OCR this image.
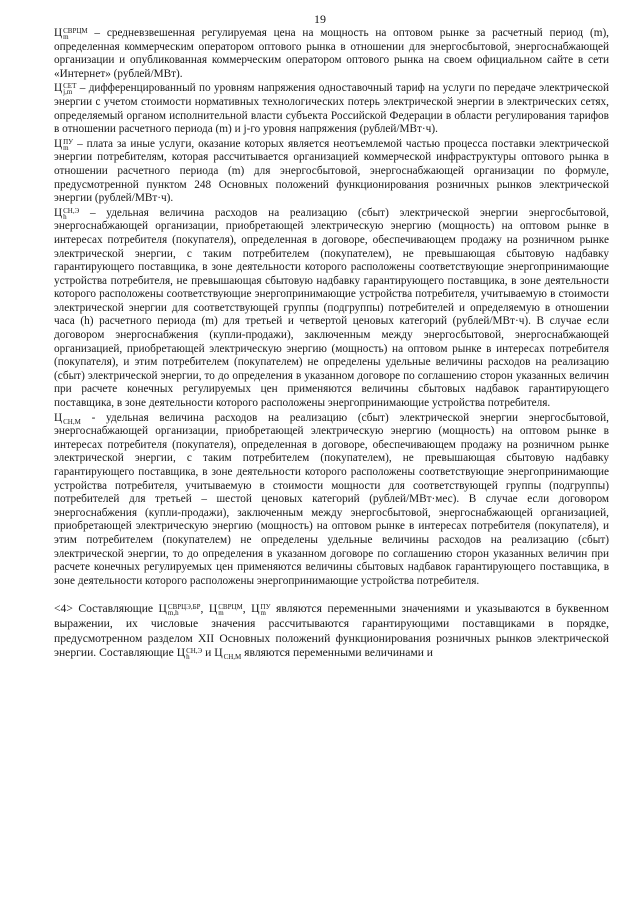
19

Ц СВРЦМ
m	– средневзвешенная регулируемая цена на мощность на оптовом рынке за расчетный период (m), определенная коммерческим оператором оптового рынка в отношении для энергосбытовой, энергоснабжающей организации и опубликованная коммерческим оператором оптового рынка на своем официальном сайте в сети «Интернет» (рублей/МВт).

Ц СЕТ
j,m – дифференцированный по уровням напряжения одноставочный тариф на услуги по передаче электрической энергии с учетом стоимости нормативных технологических потерь электрической энергии в электрических сетях, определяемый органом исполнительной власти субъекта Российской Федерации в области регулирования тарифов в отношении расчетного периода (m) и j-го уровня напряжения (рублей/МВт·ч).

Ц ПУ
m – плата за иные услуги, оказание которых является неотъемлемой частью процесса поставки электрической энергии потребителям, которая рассчитывается организацией коммерческой инфраструктуры оптового рынка в отношении расчетного периода (m) для энергосбытовой, энергоснабжающей организации по формуле, предусмотренной пунктом 248 Основных положений функционирования розничных рынков электрической энергии (рублей/МВт·ч).

Ц СН,Э
h	– удельная величина расходов на реализацию (сбыт) электрической энергии энергосбытовой, энергоснабжающей организации, приобретающей электрическую энергию (мощность) на оптовом рынке в интересах потребителя (покупателя), определенная в договоре, обеспечивающем продажу на розничном рынке электрической энергии, с таким потребителем (покупателем), не превышающая сбытовую надбавку гарантирующего поставщика, в зоне деятельности которого расположены соответствующие энергопринимающие устройства потребителя, не превышающая сбытовую надбавку гарантирующего поставщика, в зоне деятельности которого расположены соответствующие энергопринимающие устройства потребителя, учитываемую в стоимости электрической энергии для соответствующей группы (подгруппы) потребителей и определяемую в отношении часа (h) расчетного периода (m) для третьей и четвертой ценовых категорий (рублей/МВт·ч). В случае если договором энергоснабжения (купли-продажи), заключенным между энергосбытовой, энергоснабжающей организацией, приобретающей электрическую энергию (мощность) на оптовом рынке в интересах потребителя (покупателя), и этим потребителем (покупателем) не определены удельные величины расходов на реализацию (сбыт) электрической энергии, то до определения в указанном договоре по соглашению сторон указанных величин при расчете конечных регулируемых цен применяются величины сбытовых надбавок гарантирующего поставщика, в зоне деятельности которого расположены энергопринимающие устройства потребителя.

Ц СН,М - удельная величина расходов на реализацию (сбыт) электрической энергии энергосбытовой, энергоснабжающей организации, приобретающей электрическую энергию (мощность) на оптовом рынке в интересах потребителя (покупателя), определенная в договоре, обеспечивающем продажу на розничном рынке электрической энергии, с таким потребителем (покупателем), не превышающая сбытовую надбавку гарантирующего поставщика, в зоне деятельности которого расположены соответствующие энергопринимающие устройства потребителя, учитываемую в стоимости мощности для соответствующей группы (подгруппы) потребителей для третьей – шестой ценовых категорий (рублей/МВт·мес). В случае если договором энергоснабжения (купли-продажи), заключенным между энергосбытовой, энергоснабжающей организацией, приобретающей электрическую энергию (мощность) на оптовом рынке в интересах потребителя (покупателя), и этим потребителем (покупателем) не определены удельные величины расходов на реализацию (сбыт) электрической энергии, то до определения в указанном договоре по соглашению сторон указанных величин при расчете конечных регулируемых цен применяются величины сбытовых надбавок гарантирующего поставщика, в зоне деятельности которого расположены энергопринимающие устройства потребителя.

<4> Составляющие Ц СВРЦЭ,БР
m,h	, Ц СВРЦМ
m	, Ц ПУ
m являются переменными значениями и указываются в буквенном выражении, их числовые значения рассчитываются гарантирующими поставщиками в порядке, предусмотренном разделом XII Основных положений функционирования розничных рынков электрической энергии. Составляющие Ц СН,Э
h	и Ц СН,М являются переменными величинами и
